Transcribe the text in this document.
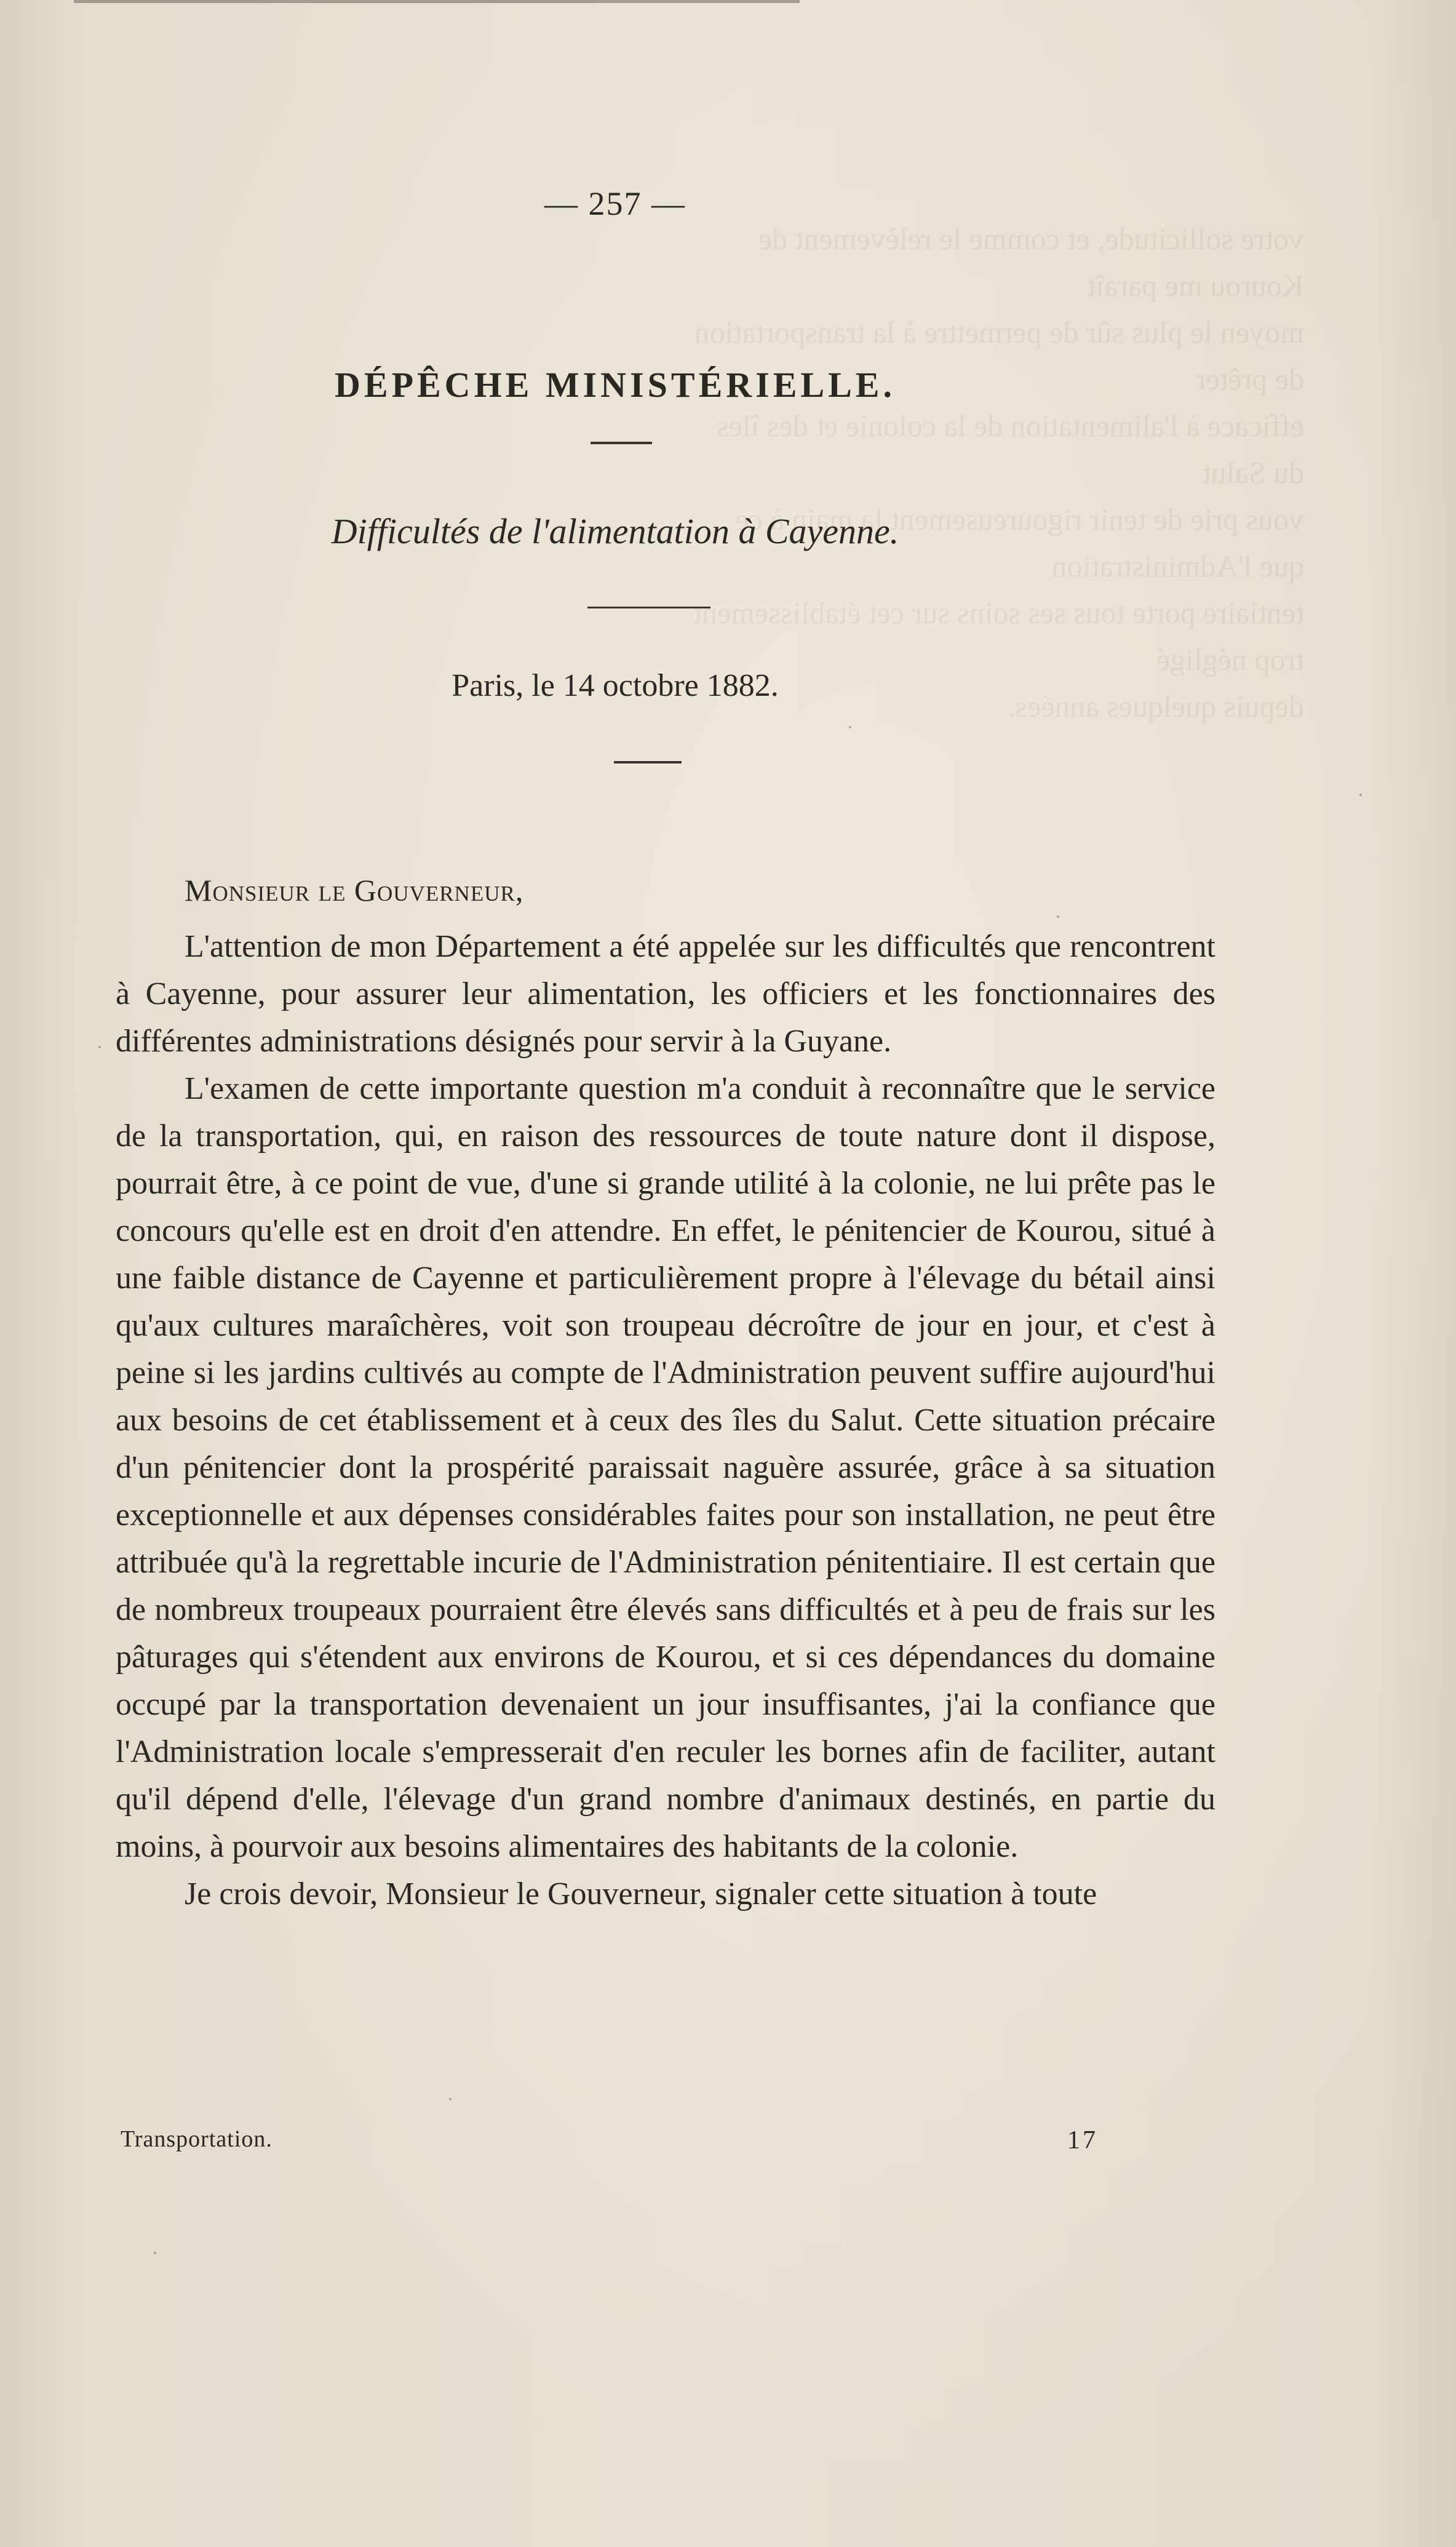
votre sollicitude, et comme le relèvement de Kourou me paraît
moyen le plus sûr de permettre à la transportation de prêter
efficace à l'alimentation de la colonie et des îles du Salut
vous prie de tenir rigoureusement la main à ce que l'Administration
tentiaire porte tous ses soins sur cet établissement trop négligé
depuis quelques années.
— 257 —
DÉPÊCHE MINISTÉRIELLE.
Difficultés de l'alimentation à Cayenne.
Paris, le 14 octobre 1882.
Monsieur le Gouverneur,

L'attention de mon Département a été appelée sur les difficultés que rencontrent à Cayenne, pour assurer leur alimentation, les officiers et les fonctionnaires des différentes administrations désignés pour servir à la Guyane.

L'examen de cette importante question m'a conduit à reconnaître que le service de la transportation, qui, en raison des ressources de toute nature dont il dispose, pourrait être, à ce point de vue, d'une si grande utilité à la colonie, ne lui prête pas le concours qu'elle est en droit d'en attendre. En effet, le pénitencier de Kourou, situé à une faible distance de Cayenne et particulièrement propre à l'élevage du bétail ainsi qu'aux cultures maraîchères, voit son troupeau décroître de jour en jour, et c'est à peine si les jardins cultivés au compte de l'Administration peuvent suffire aujourd'hui aux besoins de cet établissement et à ceux des îles du Salut. Cette situation précaire d'un pénitencier dont la prospérité paraissait naguère assurée, grâce à sa situation exceptionnelle et aux dépenses considérables faites pour son installation, ne peut être attribuée qu'à la regrettable incurie de l'Administration pénitentiaire. Il est certain que de nombreux troupeaux pourraient être élevés sans difficultés et à peu de frais sur les pâturages qui s'étendent aux environs de Kourou, et si ces dépendances du domaine occupé par la transportation devenaient un jour insuffisantes, j'ai la confiance que l'Administration locale s'empresserait d'en reculer les bornes afin de faciliter, autant qu'il dépend d'elle, l'élevage d'un grand nombre d'animaux destinés, en partie du moins, à pourvoir aux besoins alimentaires des habitants de la colonie.

Je crois devoir, Monsieur le Gouverneur, signaler cette situation à toute

Transportation.	17
